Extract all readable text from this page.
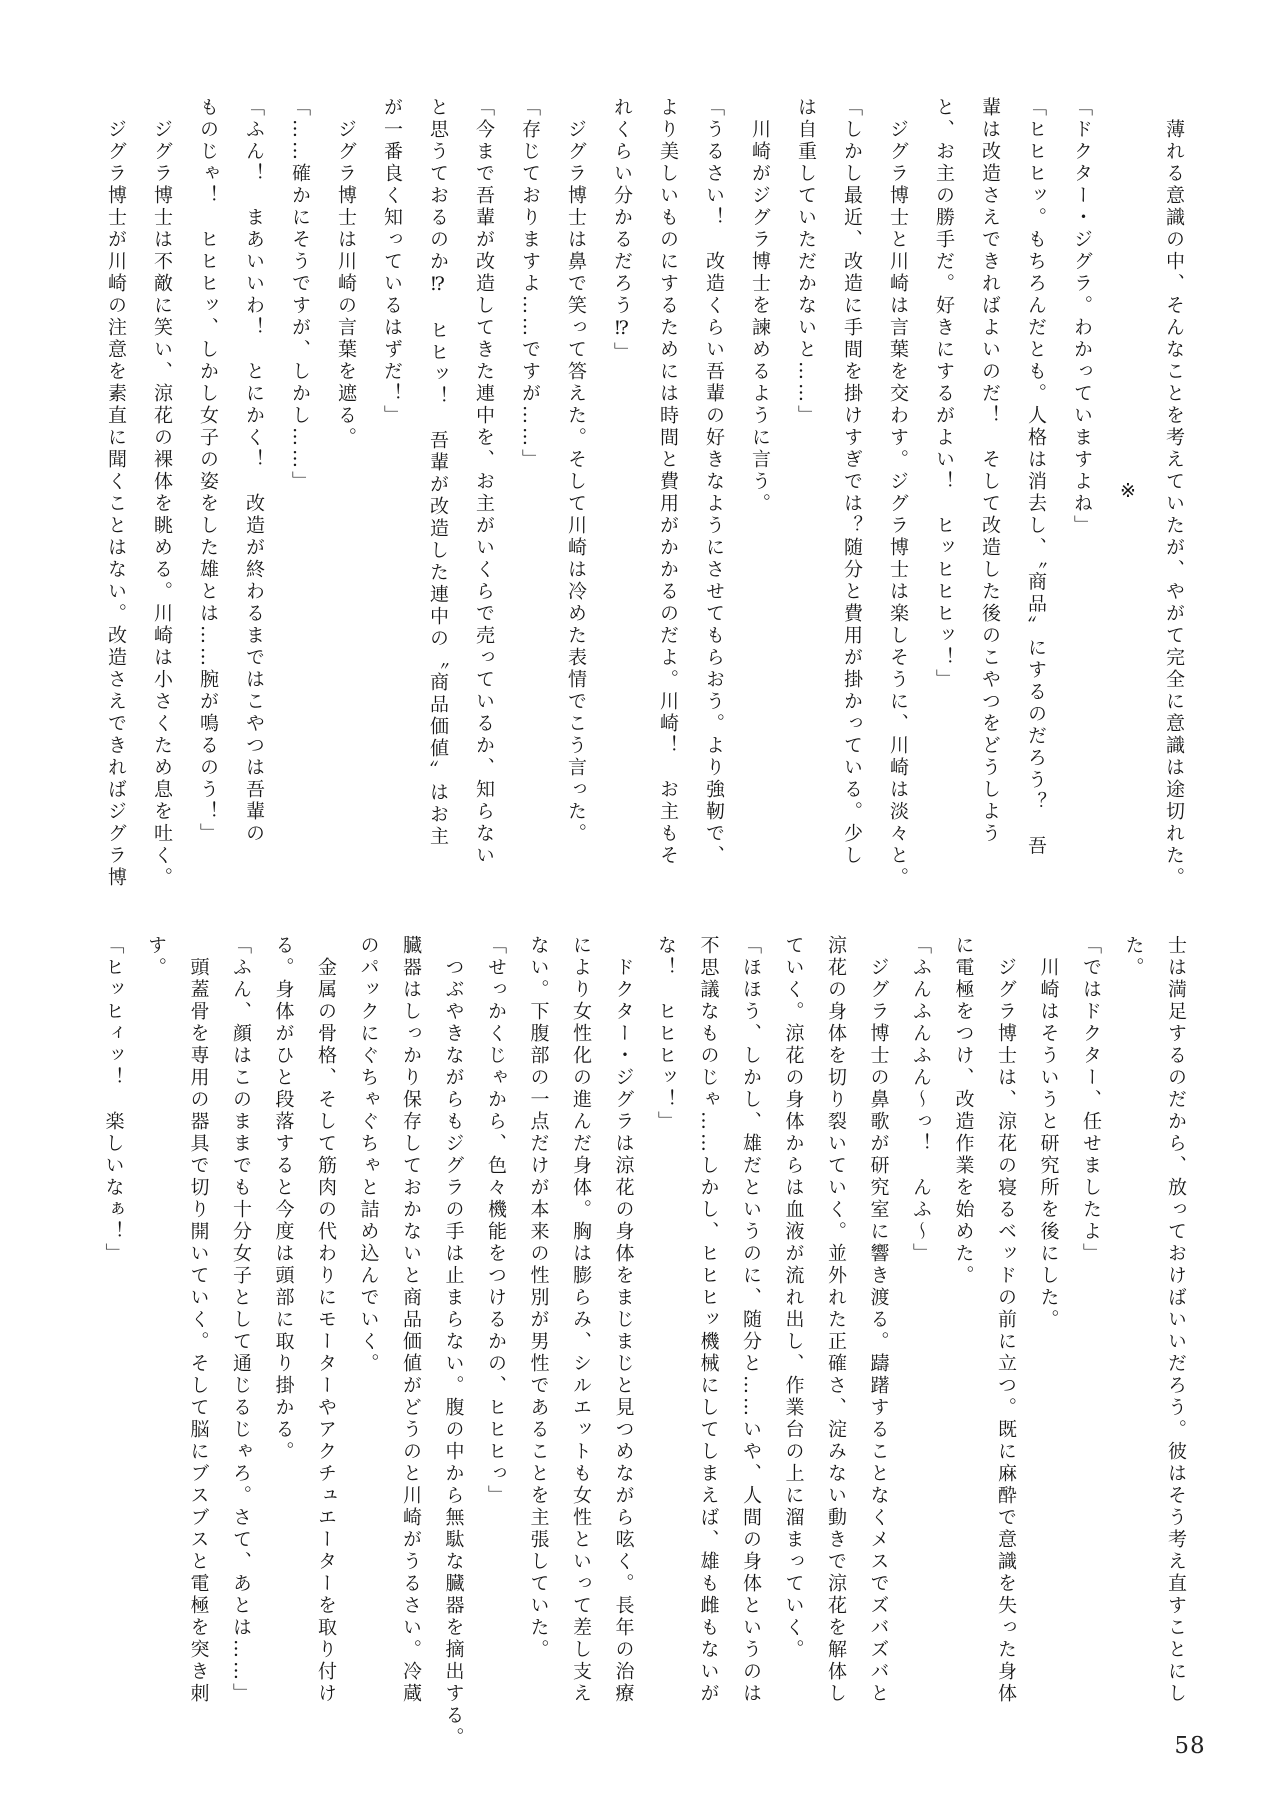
　薄れる意識の中、そんなことを考えていたが、やがて完全に意識は途切れた。
※
「ドクター・ジグラ。わかっていますよね」
「ヒヒヒッ。もちろんだとも。人格は消去し、〝商品〟にするのだろう？　吾
輩は改造さえできればよいのだ！　そして改造した後のこやつをどうしよう
と、お主の勝手だ。好きにするがよい！　ヒッヒヒヒッ！」
　ジグラ博士と川崎は言葉を交わす。ジグラ博士は楽しそうに、川崎は淡々と。
「しかし最近、改造に手間を掛けすぎでは？随分と費用が掛かっている。少し
は自重していただかないと……」
　川崎がジグラ博士を諫めるように言う。
「うるさい！　改造くらい吾輩の好きなようにさせてもらおう。より強靭で、
より美しいものにするためには時間と費用がかかるのだよ。川崎！　お主もそ
れくらい分かるだろう⁉」
　ジグラ博士は鼻で笑って答えた。そして川崎は冷めた表情でこう言った。
「存じておりますよ……ですが……」
「今まで吾輩が改造してきた連中を、お主がいくらで売っているか、知らない
と思うておるのか⁉　ヒヒッ！　吾輩が改造した連中の〝商品価値〟はお主
が一番良く知っているはずだ！」
　ジグラ博士は川崎の言葉を遮る。
「……確かにそうですが、しかし……」
「ふん！　まあいいわ！　とにかく！　改造が終わるまではこやつは吾輩の
ものじゃ！　ヒヒヒッ、しかし女子の姿をした雄とは……腕が鳴るのう！」
　ジグラ博士は不敵に笑い、涼花の裸体を眺める。川崎は小さくため息を吐く。
　ジグラ博士が川崎の注意を素直に聞くことはない。改造さえできればジグラ博
士は満足するのだから、放っておけばいいだろう。彼はそう考え直すことにし
た。
「ではドクター、任せましたよ」
　川崎はそういうと研究所を後にした。
　ジグラ博士は、涼花の寝るベッドの前に立つ。既に麻酔で意識を失った身体
に電極をつけ、改造作業を始めた。
「ふんふんふん～っ！　んふ～」
　ジグラ博士の鼻歌が研究室に響き渡る。躊躇することなくメスでズバズバと
涼花の身体を切り裂いていく。並外れた正確さ、淀みない動きで涼花を解体し
ていく。涼花の身体からは血液が流れ出し、作業台の上に溜まっていく。
「ほほう、しかし、雄だというのに、随分と……いや、人間の身体というのは
不思議なものじゃ……しかし、ヒヒヒッ機械にしてしまえば、雄も雌もないが
な！　ヒヒヒッ！」
　ドクター・ジグラは涼花の身体をまじまじと見つめながら呟く。長年の治療
により女性化の進んだ身体。胸は膨らみ、シルエットも女性といって差し支え
ない。下腹部の一点だけが本来の性別が男性であることを主張していた。
「せっかくじゃから、色々機能をつけるかの、ヒヒヒっ」
　つぶやきながらもジグラの手は止まらない。腹の中から無駄な臓器を摘出する。
臓器はしっかり保存しておかないと商品価値がどうのと川崎がうるさい。冷蔵
のパックにぐちゃぐちゃと詰め込んでいく。
　金属の骨格、そして筋肉の代わりにモーターやアクチュエーターを取り付け
る。身体がひと段落すると今度は頭部に取り掛かる。
「ふん、顔はこのままでも十分女子として通じるじゃろ。さて、あとは……」
　頭蓋骨を専用の器具で切り開いていく。そして脳にブスブスと電極を突き刺
す。
「ヒッヒィッ！　楽しいなぁ！」
58
